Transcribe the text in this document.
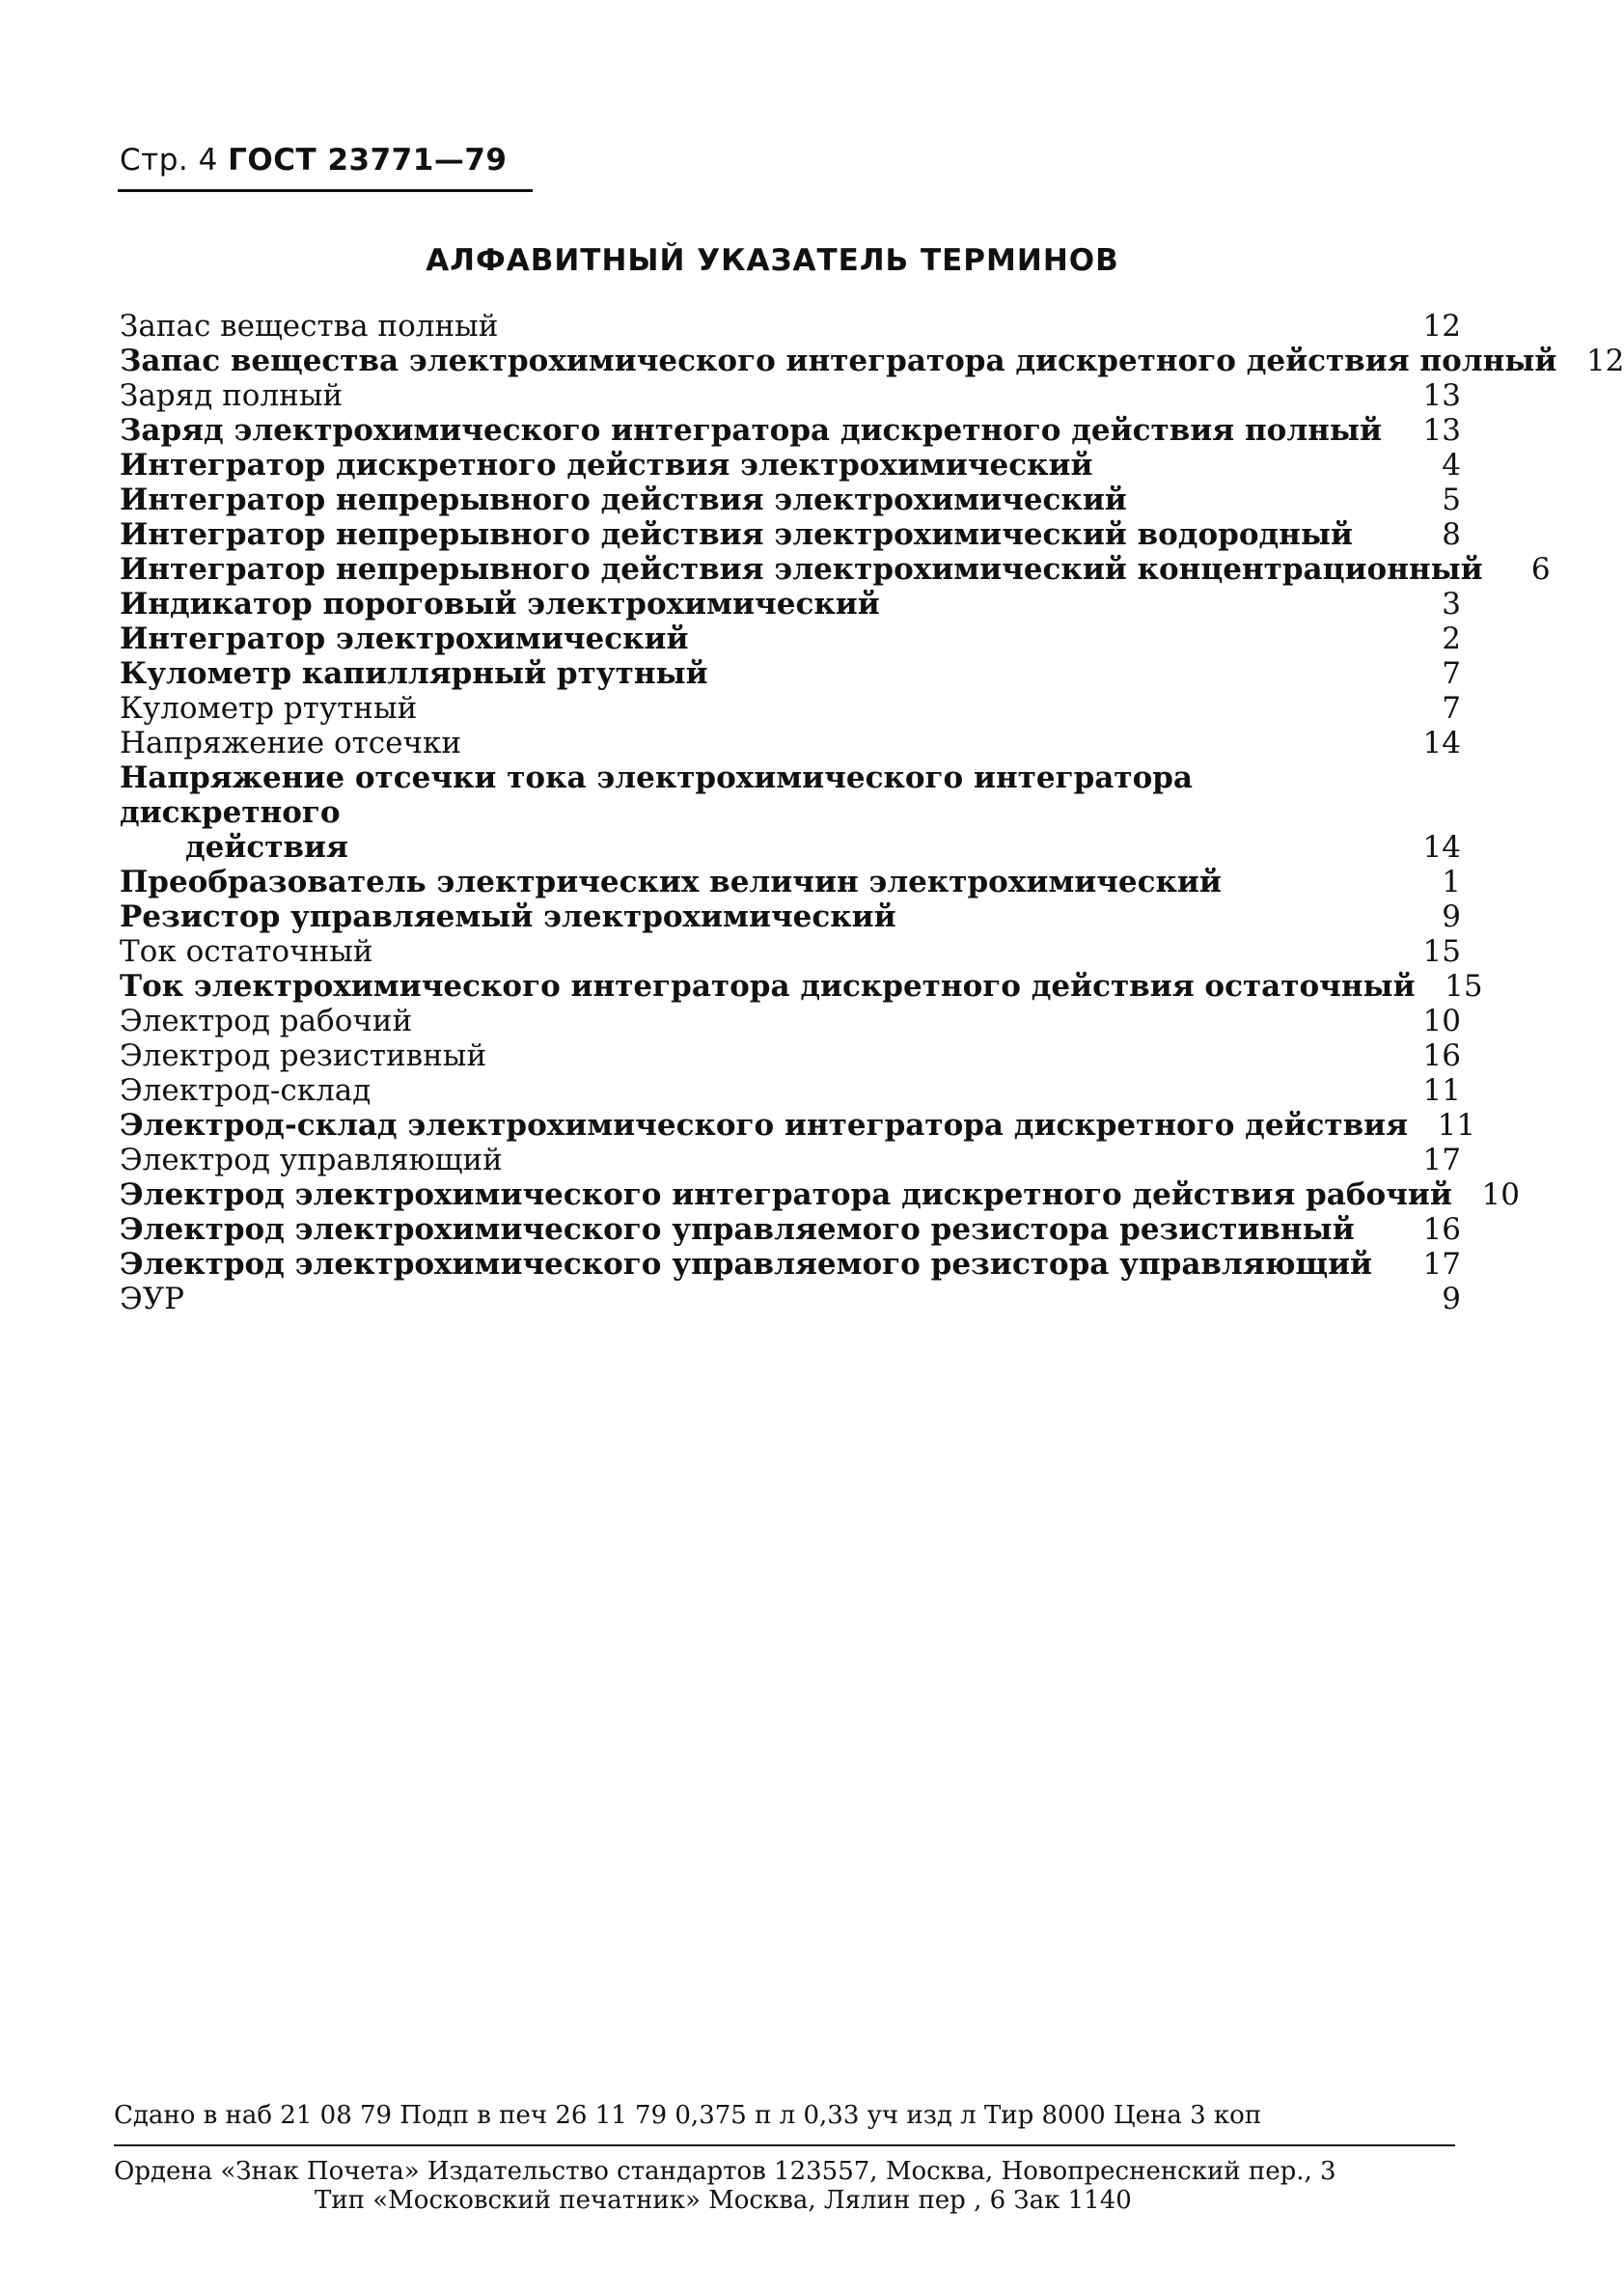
Стр. 4 ГОСТ 23771—79
АЛФАВИТНЫЙ УКАЗАТЕЛЬ ТЕРМИНОВ
Запас вещества полный	12
Запас вещества электрохимического интегратора дискретного действия полный 12
Заряд полный	13
Заряд электрохимического интегратора дискретного действия полный	13
Интегратор дискретного действия электрохимический	4
Интегратор непрерывного действия электрохимический	5
Интегратор непрерывного действия электрохимический водородный	8
Интегратор непрерывного действия электрохимический концентрационный	6
Индикатор пороговый электрохимический	3
Интегратор электрохимический	2
Кулометр капиллярный ртутный	7
Кулометр ртутный	7
Напряжение отсечки	14
Напряжение отсечки тока электрохимического интегратора дискретного
действия	14
Преобразователь электрических величин электрохимический	1
Резистор управляемый электрохимический	9
Ток остаточный	15
Ток электрохимического интегратора дискретного действия остаточный 15
Электрод рабочий	10
Электрод резистивный	16
Электрод-склад	11
Электрод-склад электрохимического интегратора дискретного действия 11
Электрод управляющий	17
Электрод электрохимического интегратора дискретного действия рабочий 10
Электрод электрохимического управляемого резистора резистивный	16
Электрод электрохимического управляемого резистора управляющий	17
ЭУР	9
Сдано в наб 21 08 79 Подп в печ 26 11 79 0,375 п л 0,33 уч изд л Тир 8000 Цена 3 коп
Ордена «Знак Почета» Издательство стандартов 123557, Москва, Новопресненский пер., 3
Тип «Московский печатник» Москва, Лялин пер , 6 Зак 1140
